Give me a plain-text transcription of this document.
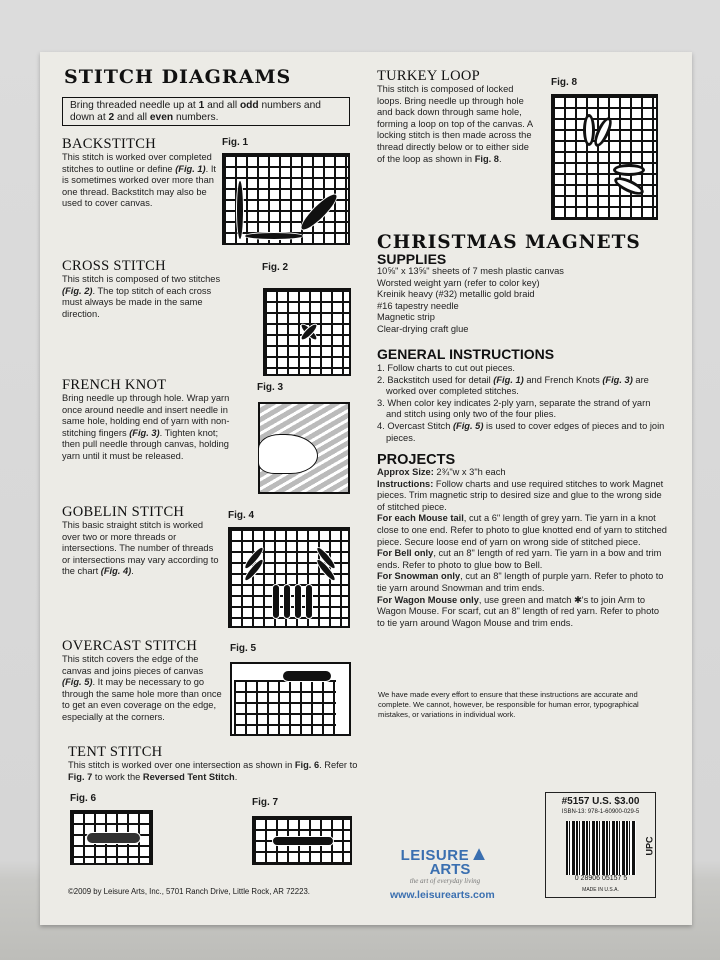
STITCH DIAGRAMS
Bring threaded needle up at 1 and all odd numbers and down at 2 and all even numbers.
BACKSTITCH
This stitch is worked over completed stitches to outline or define (Fig. 1). It is sometimes worked over more than one thread. Backstitch may also be used to cover canvas.
Fig. 1
CROSS STITCH
This stitch is composed of two stitches (Fig. 2). The top stitch of each cross must always be made in the same direction.
Fig. 2
FRENCH KNOT
Bring needle up through hole. Wrap yarn once around needle and insert needle in same hole, holding end of yarn with non-stitching fingers (Fig. 3). Tighten knot; then pull needle through canvas, holding yarn until it must be released.
Fig. 3
GOBELIN STITCH
This basic straight stitch is worked over two or more threads or intersections. The number of threads or intersections may vary according to the chart (Fig. 4).
Fig. 4
OVERCAST STITCH
This stitch covers the edge of the canvas and joins pieces of canvas (Fig. 5). It may be necessary to go through the same hole more than once to get an even coverage on the edge, especially at the corners.
Fig. 5
TENT STITCH
This stitch is worked over one intersection as shown in Fig. 6. Refer to Fig. 7 to work the Reversed Tent Stitch.
Fig. 6	Fig. 7
©2009 by Leisure Arts, Inc., 5701 Ranch Drive, Little Rock, AR 72223.
TURKEY LOOP
This stitch is composed of locked loops. Bring needle up through hole and back down through same hole, forming a loop on top of the canvas. A locking stitch is then made across the thread directly below or to either side of the loop as shown in Fig. 8.
Fig. 8
CHRISTMAS MAGNETS
SUPPLIES
10⅝" x 13⅝" sheets of 7 mesh plastic canvas
Worsted weight yarn (refer to color key)
Kreinik heavy (#32) metallic gold braid
#16 tapestry needle
Magnetic strip
Clear-drying craft glue
GENERAL INSTRUCTIONS
1. Follow charts to cut out pieces.
2. Backstitch used for detail (Fig. 1) and French Knots (Fig. 3) are worked over completed stitches.
3. When color key indicates 2-ply yarn, separate the strand of yarn and stitch using only two of the four plies.
4. Overcast Stitch (Fig. 5) is used to cover edges of pieces and to join pieces.
PROJECTS
Approx Size: 2¾"w x 3"h each
Instructions: Follow charts and use required stitches to work Magnet pieces. Trim magnetic strip to desired size and glue to the wrong side of stitched piece.
For each Mouse tail, cut a 6" length of grey yarn. Tie yarn in a knot close to one end. Refer to photo to glue knotted end of yarn to stitched piece. Secure loose end of yarn on wrong side of stitched piece.
For Bell only, cut an 8" length of red yarn. Tie yarn in a bow and trim ends. Refer to photo to glue bow to Bell.
For Snowman only, cut an 8" length of purple yarn. Refer to photo to tie yarn around Snowman and trim ends.
For Wagon Mouse only, use green and match ✱'s to join Arm to Wagon Mouse. For scarf, cut an 8" length of red yarn. Refer to photo to tie yarn around Wagon Mouse and trim ends.
We have made every effort to ensure that these instructions are accurate and complete. We cannot, however, be responsible for human error, typographical mistakes, or variations in individual work.
LEISURE▲
ARTS
the art of everyday living
www.leisurearts.com
#5157 U.S. $3.00
ISBN-13: 978-1-60900-029-5
UPC
0 28906 05157 5
MADE IN U.S.A.
